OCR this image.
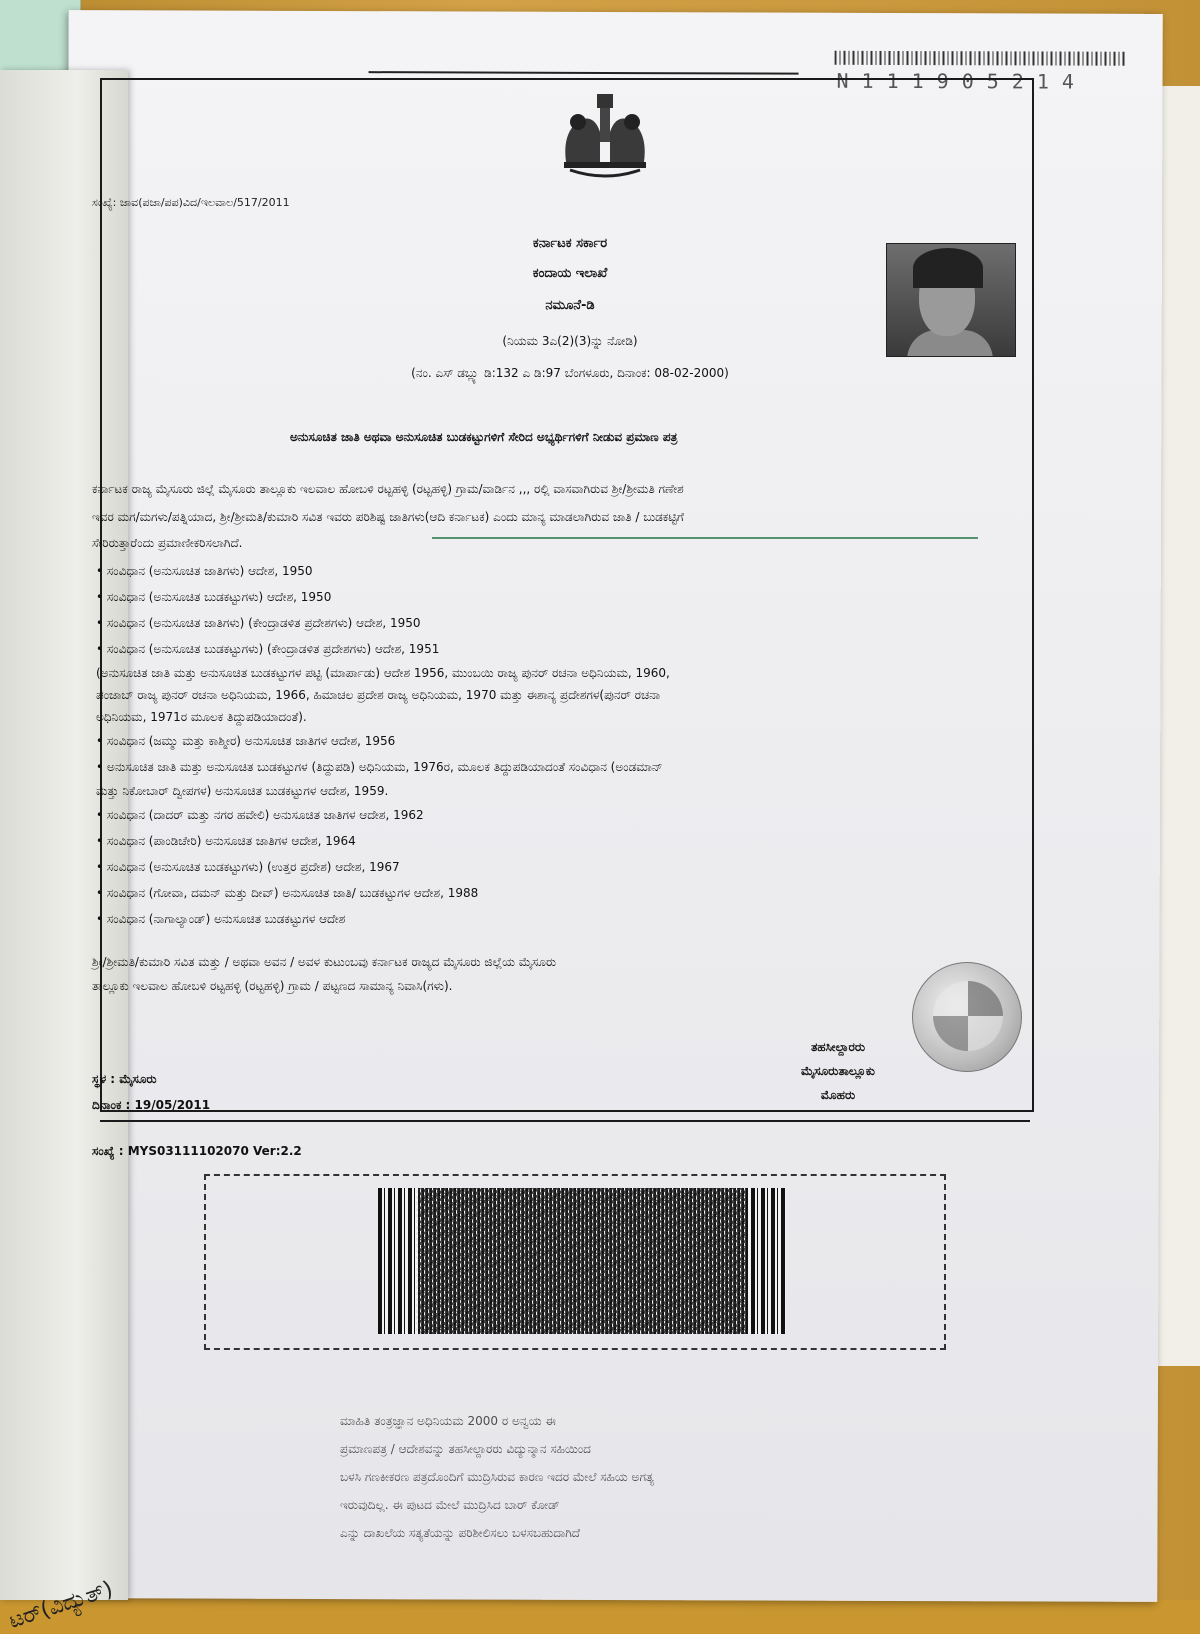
N111905214
ಟರ್(ವಿದ್ಯುತ್)
ಸಂಖ್ಯೆ: ಜಾವ(ಪಜಾ/ಪಪ)ವಿದ/ಇಲವಾಲ/517/2011
ಕರ್ನಾಟಕ ಸರ್ಕಾರ
ಕಂದಾಯ ಇಲಾಖೆ
ನಮೂನೆ-ಡಿ
(ನಿಯಮ 3ಎ(2)(3)ನ್ನು ನೋಡಿ)
(ನಂ. ಎಸ್ ಡಬ್ಲ್ಯು ಡಿ:132 ಎ ಡಿ:97 ಬೆಂಗಳೂರು, ದಿನಾಂಕ: 08-02-2000)
ಅನುಸೂಚಿತ ಜಾತಿ ಅಥವಾ ಅನುಸೂಚಿತ ಬುಡಕಟ್ಟುಗಳಿಗೆ ಸೇರಿದ ಅಭ್ಯರ್ಥಿಗಳಿಗೆ ನೀಡುವ ಪ್ರಮಾಣ ಪತ್ರ
ಕರ್ನಾಟಕ ರಾಜ್ಯ ಮೈಸೂರು ಜಿಲ್ಲೆ ಮೈಸೂರು ತಾಲ್ಲೂಕು ಇಲವಾಲ ಹೋಬಳಿ ರಟ್ಟಹಳ್ಳಿ (ರಟ್ಟಹಳ್ಳಿ) ಗ್ರಾಮ/ವಾರ್ಡಿನ ,,, ರಲ್ಲಿ ವಾಸವಾಗಿರುವ ಶ್ರೀ/ಶ್ರೀಮತಿ ಗಣೇಶ
ಇವರ ಮಗ/ಮಗಳು/ಪತ್ನಿಯಾದ, ಶ್ರೀ/ಶ್ರೀಮತಿ/ಕುಮಾರಿ ಸವಿತ ಇವರು ಪರಿಶಿಷ್ಟ ಜಾತಿಗಳು(ಆದಿ ಕರ್ನಾಟಕ) ಎಂದು ಮಾನ್ಯ ಮಾಡಲಾಗಿರುವ ಜಾತಿ / ಬುಡಕಟ್ಟಿಗೆ
ಸೇರಿರುತ್ತಾರೆಂದು ಪ್ರಮಾಣೀಕರಿಸಲಾಗಿದೆ.
• ಸಂವಿಧಾನ (ಅನುಸೂಚಿತ ಜಾತಿಗಳು) ಆದೇಶ, 1950
• ಸಂವಿಧಾನ (ಅನುಸೂಚಿತ ಬುಡಕಟ್ಟುಗಳು) ಆದೇಶ, 1950
• ಸಂವಿಧಾನ (ಅನುಸೂಚಿತ ಜಾತಿಗಳು) (ಕೇಂದ್ರಾಡಳಿತ ಪ್ರದೇಶಗಳು) ಆದೇಶ, 1950
• ಸಂವಿಧಾನ (ಅನುಸೂಚಿತ ಬುಡಕಟ್ಟುಗಳು) (ಕೇಂದ್ರಾಡಳಿತ ಪ್ರದೇಶಗಳು) ಆದೇಶ, 1951
(ಅನುಸೂಚಿತ ಜಾತಿ ಮತ್ತು ಅನುಸೂಚಿತ ಬುಡಕಟ್ಟುಗಳ ಪಟ್ಟಿ (ಮಾರ್ಪಾಡು) ಆದೇಶ 1956, ಮುಂಬಯಿ ರಾಜ್ಯ ಪುನರ್ ರಚನಾ ಅಧಿನಿಯಮ, 1960,
ಪಂಜಾಬ್ ರಾಜ್ಯ ಪುನರ್ ರಚನಾ ಅಧಿನಿಯಮ, 1966, ಹಿಮಾಚಲ ಪ್ರದೇಶ ರಾಜ್ಯ ಅಧಿನಿಯಮ, 1970 ಮತ್ತು ಈಶಾನ್ಯ ಪ್ರದೇಶಗಳ(ಪುನರ್ ರಚನಾ
ಅಧಿನಿಯಮ, 1971ರ ಮೂಲಕ ತಿದ್ದುಪಡಿಯಾದಂತೆ).
• ಸಂವಿಧಾನ (ಜಮ್ಮು ಮತ್ತು ಕಾಶ್ಮೀರ) ಅನುಸೂಚಿತ ಜಾತಿಗಳ ಆದೇಶ, 1956
• ಅನುಸೂಚಿತ ಜಾತಿ ಮತ್ತು ಅನುಸೂಚಿತ ಬುಡಕಟ್ಟುಗಳ (ತಿದ್ದುಪಡಿ) ಅಧಿನಿಯಮ, 1976ರ, ಮೂಲಕ ತಿದ್ದುಪಡಿಯಾದಂತೆ ಸಂವಿಧಾನ (ಅಂಡಮಾನ್
ಮತ್ತು ನಿಕೋಬಾರ್ ದ್ವೀಪಗಳ) ಅನುಸೂಚಿತ ಬುಡಕಟ್ಟುಗಳ ಆದೇಶ, 1959.
• ಸಂವಿಧಾನ (ದಾದರ್ ಮತ್ತು ನಗರ ಹವೇಲಿ) ಅನುಸೂಚಿತ ಜಾತಿಗಳ ಆದೇಶ, 1962
• ಸಂವಿಧಾನ (ಪಾಂಡಿಚೇರಿ) ಅನುಸೂಚಿತ ಜಾತಿಗಳ ಆದೇಶ, 1964
• ಸಂವಿಧಾನ (ಅನುಸೂಚಿತ ಬುಡಕಟ್ಟುಗಳು) (ಉತ್ತರ ಪ್ರದೇಶ) ಆದೇಶ, 1967
• ಸಂವಿಧಾನ (ಗೋವಾ, ದಮನ್ ಮತ್ತು ದೀವ್) ಅನುಸೂಚಿತ ಜಾತಿ/ ಬುಡಕಟ್ಟುಗಳ ಆದೇಶ, 1988
• ಸಂವಿಧಾನ (ನಾಗಾಲ್ಯಾಂಡ್) ಅನುಸೂಚಿತ ಬುಡಕಟ್ಟುಗಳ ಆದೇಶ
ಶ್ರೀ/ಶ್ರೀಮತಿ/ಕುಮಾರಿ ಸವಿತ ಮತ್ತು / ಅಥವಾ ಅವನ / ಅವಳ ಕುಟುಂಬವು ಕರ್ನಾಟಕ ರಾಜ್ಯದ ಮೈಸೂರು ಜಿಲ್ಲೆಯ ಮೈಸೂರು
ತಾಲ್ಲೂಕು ಇಲವಾಲ ಹೋಬಳಿ ರಟ್ಟಹಳ್ಳಿ (ರಟ್ಟಹಳ್ಳಿ) ಗ್ರಾಮ / ಪಟ್ಟಣದ ಸಾಮಾನ್ಯ ನಿವಾಸಿ(ಗಳು).
ತಹಸೀಲ್ದಾರರು
ಮೈಸೂರುತಾಲ್ಲೂಕು
ಮೊಹರು
ಸ್ಥಳ : ಮೈಸೂರು
ದಿನಾಂಕ : 19/05/2011
ಸಂಖ್ಯೆ : MYS03111102070 Ver:2.2
ಮಾಹಿತಿ ತಂತ್ರಜ್ಞಾನ ಅಧಿನಿಯಮ 2000 ರ ಅನ್ವಯ ಈ
ಪ್ರಮಾಣಪತ್ರ / ಆದೇಶವನ್ನು ತಹಸೀಲ್ದಾರರು ವಿದ್ಯುನ್ಮಾನ ಸಹಿಯಿಂದ
ಬಳಸಿ ಗಣಕೀಕರಣ ಪತ್ರದೊಂದಿಗೆ ಮುದ್ರಿಸಿರುವ ಕಾರಣ ಇದರ ಮೇಲೆ ಸಹಿಯ ಅಗತ್ಯ
ಇರುವುದಿಲ್ಲ. ಈ ಪುಟದ ಮೇಲೆ ಮುದ್ರಿಸಿದ ಬಾರ್ ಕೋಡ್
ಎನ್ನು ದಾಖಲೆಯ ಸತ್ಯತೆಯನ್ನು ಪರಿಶೀಲಿಸಲು ಬಳಸಬಹುದಾಗಿದೆ
